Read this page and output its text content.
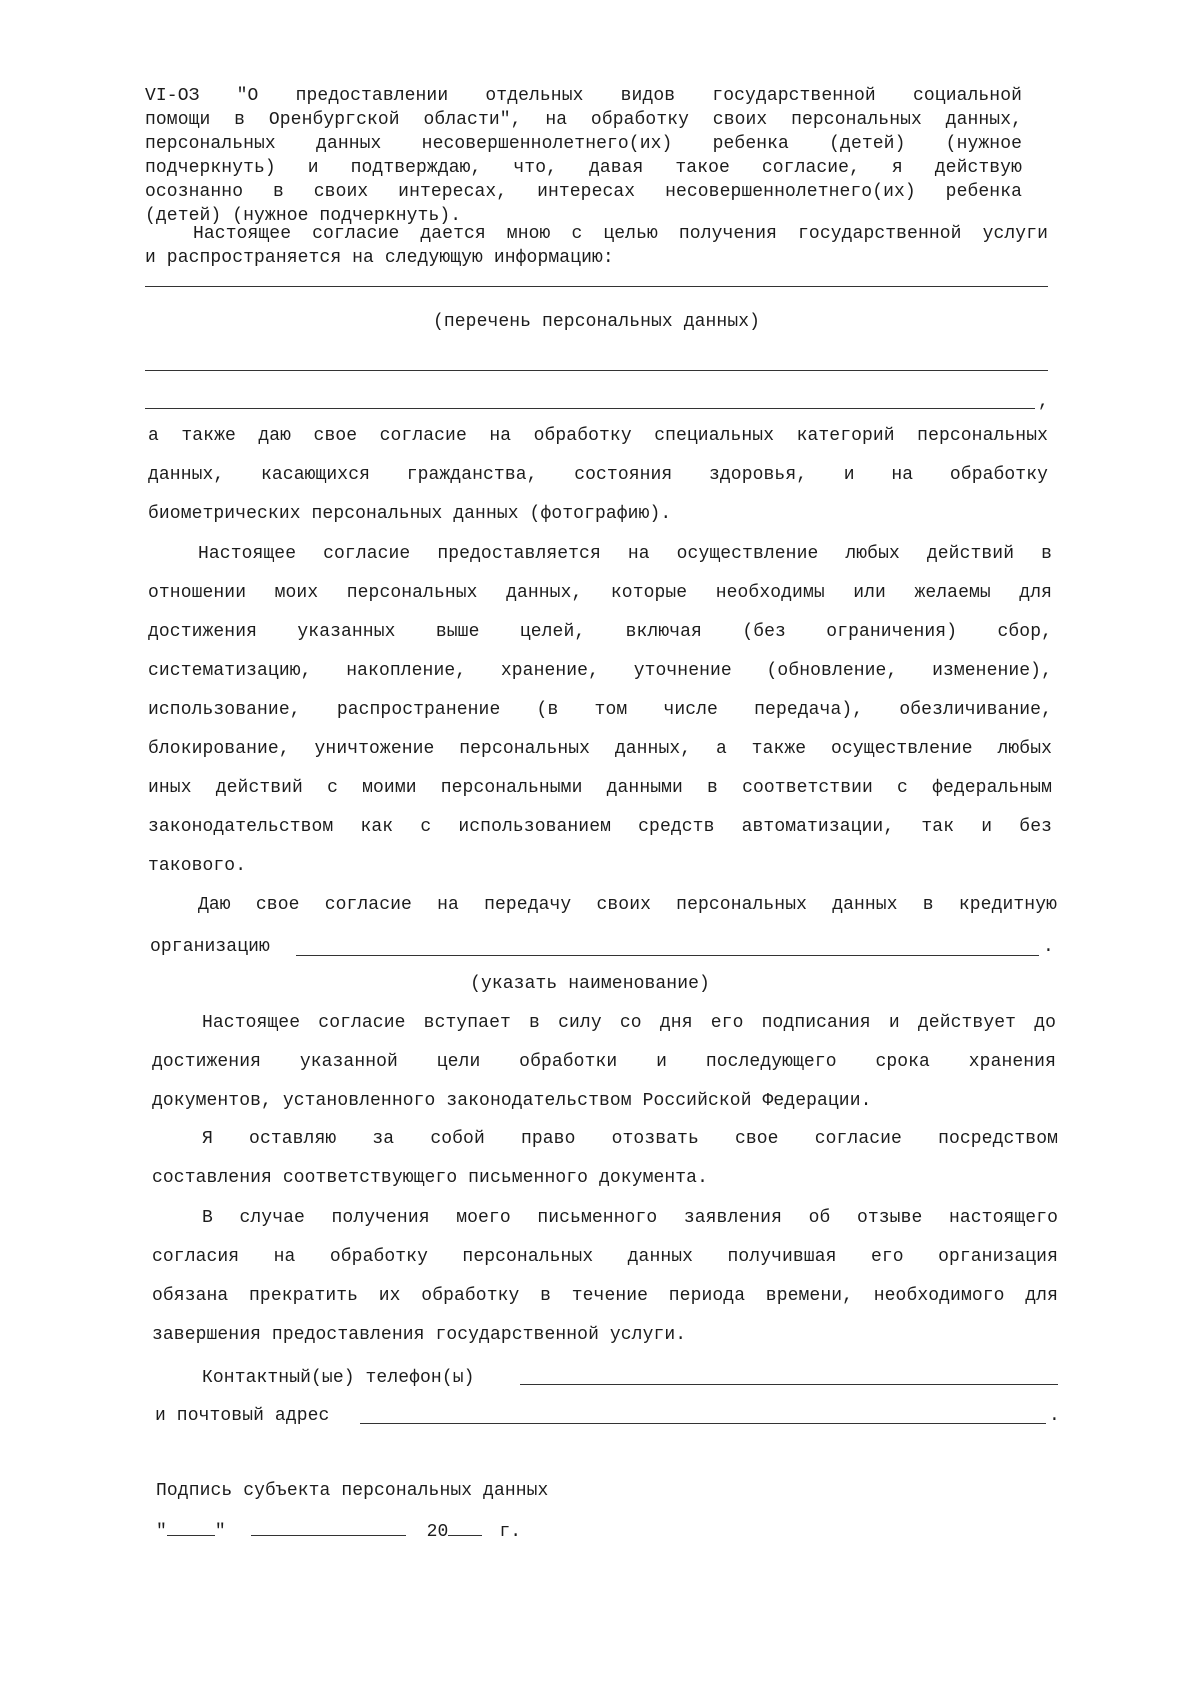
VI-ОЗ "О предоставлении отдельных видов государственной социальной
помощи в Оренбургской области", на обработку своих персональных данных,
персональных данных несовершеннолетнего(их) ребенка (детей) (нужное
подчеркнуть) и подтверждаю, что, давая такое согласие, я действую
осознанно в своих интересах, интересах несовершеннолетнего(их) ребенка
(детей) (нужное подчеркнуть).
Настоящее согласие дается мною с целью получения государственной услуги
и распространяется на следующую информацию:
(перечень персональных данных)
,
а также даю свое согласие на обработку специальных категорий персональных
данных, касающихся гражданства, состояния здоровья, и на обработку
биометрических персональных данных (фотографию).
Настоящее согласие предоставляется на осуществление любых действий в
отношении моих персональных данных, которые необходимы или желаемы для
достижения указанных выше целей, включая (без ограничения) сбор,
систематизацию, накопление, хранение, уточнение (обновление, изменение),
использование, распространение (в том числе передача), обезличивание,
блокирование, уничтожение персональных данных, а также осуществление любых
иных действий с моими персональными данными в соответствии с федеральным
законодательством как с использованием средств автоматизации, так и без
такового.
Даю свое согласие на передачу своих персональных данных в кредитную
организацию	.
(указать наименование)
Настоящее согласие вступает в силу со дня его подписания и действует до
достижения указанной цели обработки и последующего срока хранения
документов, установленного законодательством Российской Федерации.
Я оставляю за собой право отозвать свое согласие посредством
составления соответствующего письменного документа.
В случае получения моего письменного заявления об отзыве настоящего
согласия на обработку персональных данных получившая его организация
обязана прекратить их обработку в течение периода времени, необходимого для
завершения предоставления государственной услуги.
Контактный(ые) телефон(ы)
и почтовый адрес	.
Подпись субъекта персональных данных
"	"	20	г.
